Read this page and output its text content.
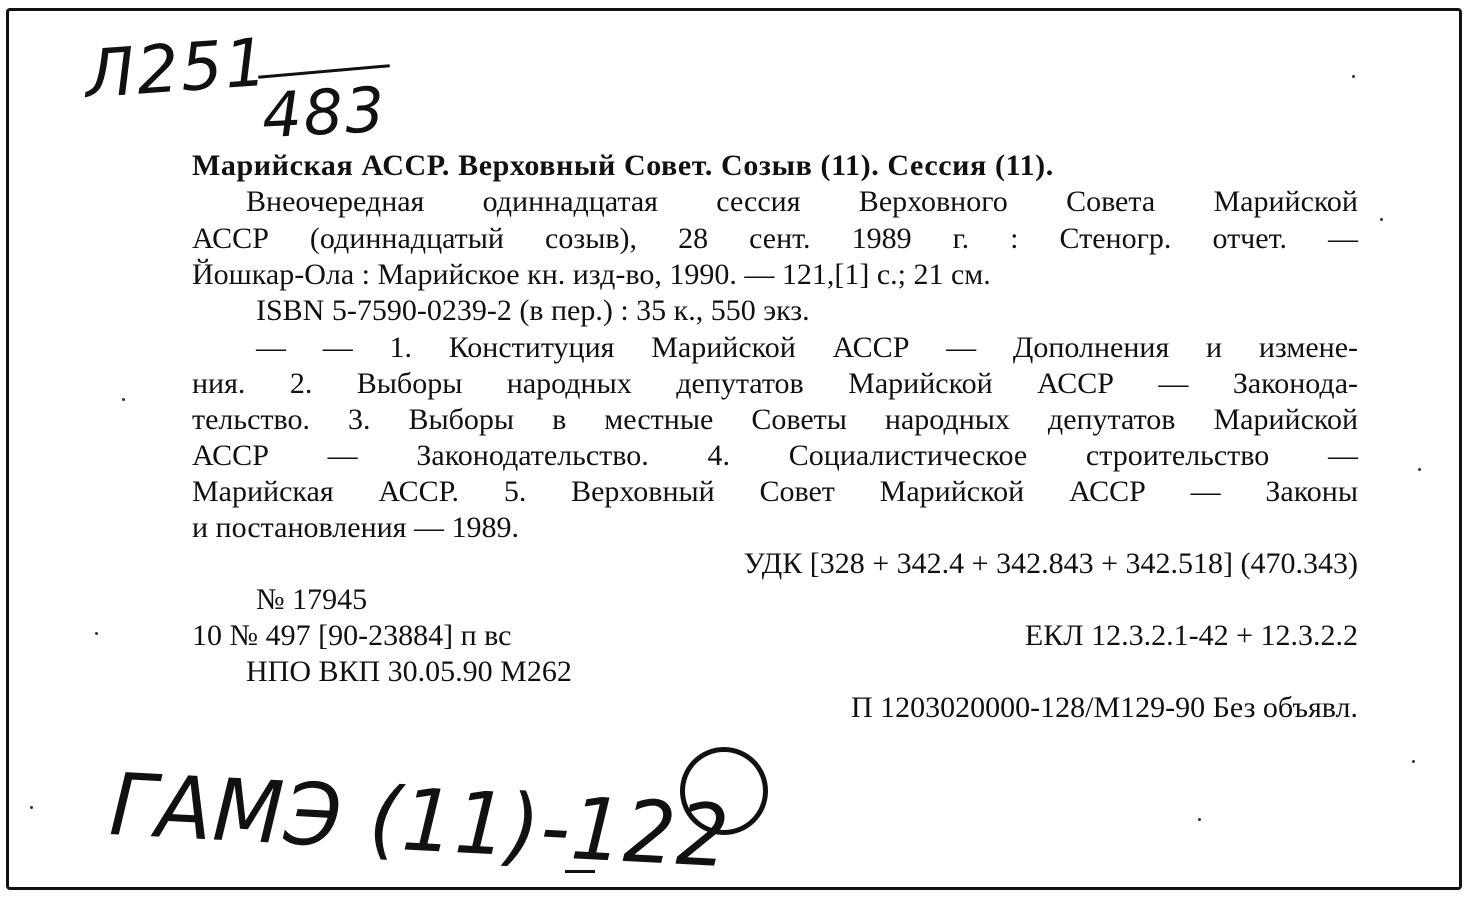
Л251
483
Марийская АССР. Верховный Совет. Созыв (11). Сессия (11).
Внеочередная одиннадцатая сессия Верховного Совета Марийской
АССР (одиннадцатый созыв), 28 сент. 1989 г. : Стеногр. отчет. —
Йошкар-Ола : Марийское кн. изд-во, 1990. — 121,[1] с.; 21 см.
ISBN 5-7590-0239-2 (в пер.) : 35 к., 550 экз.
— — 1. Конституция Марийской АССР — Дополнения и измене-
ния. 2. Выборы народных депутатов Марийской АССР — Законода-
тельство. 3. Выборы в местные Советы народных депутатов Марийской
АССР — Законодательство. 4. Социалистическое строительство —
Марийская АССР. 5. Верховный Совет Марийской АССР — Законы
и постановления — 1989.
УДК [328 + 342.4 + 342.843 + 342.518] (470.343)
№ 17945
10 № 497 [90-23884] п вс	ЕКЛ 12.3.2.1-42 + 12.3.2.2
НПО ВКП 30.05.90 М262
П 1203020000-128/М129-90 Без объявл.
ГАМЭ (11)-122
